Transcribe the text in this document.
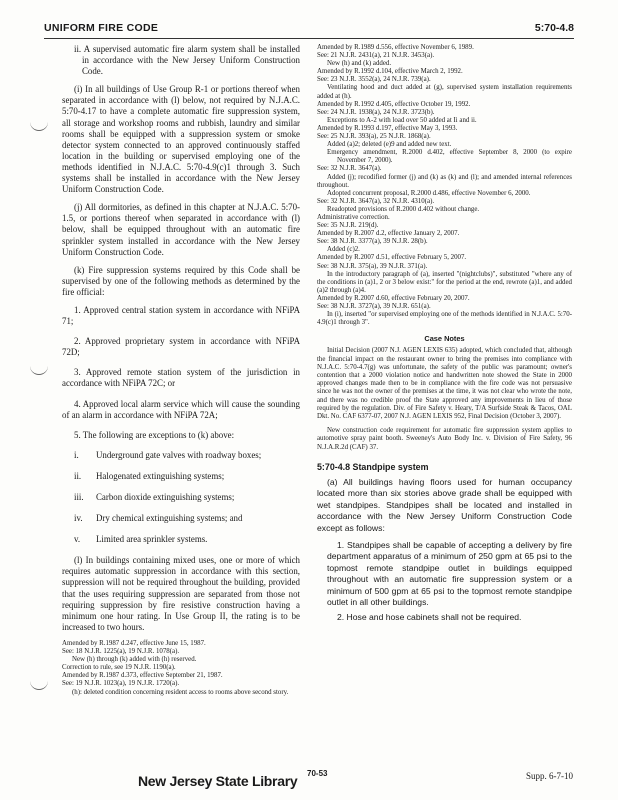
UNIFORM FIRE CODE	5:70-4.8

ii. A supervised automatic fire alarm system shall be installed in accordance with the New Jersey Uniform Construction Code.

(i) In all buildings of Use Group R-1 or portions thereof when separated in accordance with (l) below, not required by N.J.A.C. 5:70-4.17 to have a complete automatic fire suppression system, all storage and workshop rooms and rubbish, laundry and similar rooms shall be equipped with a suppression system or smoke detector system connected to an approved continuously staffed location in the building or supervised employing one of the methods identified in N.J.A.C. 5:70-4.9(c)1 through 3. Such systems shall be installed in accordance with the New Jersey Uniform Construction Code.

(j) All dormitories, as defined in this chapter at N.J.A.C. 5:70-1.5, or portions thereof when separated in accordance with (l) below, shall be equipped throughout with an automatic fire sprinkler system installed in accordance with the New Jersey Uniform Construction Code.

(k) Fire suppression systems required by this Code shall be supervised by one of the following methods as determined by the fire official:

1. Approved central station system in accordance with NFiPA 71;

2. Approved proprietary system in accordance with NFiPA 72D;

3. Approved remote station system of the jurisdiction in accordance with NFiPA 72C; or

4. Approved local alarm service which will cause the sounding of an alarm in accordance with NFiPA 72A;

5. The following are exceptions to (k) above:

i.	Underground gate valves with roadway boxes;
ii.	Halogenated extinguishing systems;
iii.	Carbon dioxide extinguishing systems;
iv.	Dry chemical extinguishing systems; and
v.	Limited area sprinkler systems.

(l) In buildings containing mixed uses, one or more of which requires automatic suppression in accordance with this section, suppression will not be required throughout the building, provided that the uses requiring suppression are separated from those not requiring suppression by fire resistive construction having a minimum one hour rating. In Use Group II, the rating is to be increased to two hours.

Amended by R.1987 d.247, effective June 15, 1987.

See: 18 N.J.R. 1225(a), 19 N.J.R. 1078(a).

New (h) through (k) added with (h) reserved.

Correction to rule, see 19 N.J.R. 1190(a).

Amended by R.1987 d.373, effective September 21, 1987.

See: 19 N.J.R. 1023(a), 19 N.J.R. 1720(a).

(h): deleted condition concerning resident access to rooms above second story.

Amended by R.1989 d.556, effective November 6, 1989.

See: 21 N.J.R. 2431(a), 21 N.J.R. 3453(a).

New (h) and (k) added.

Amended by R.1992 d.104, effective March 2, 1992.

See: 23 N.J.R. 3552(a), 24 N.J.R. 739(a).

Ventilating hood and duct added at (g), supervised system installation requirements added at (h).

Amended by R.1992 d.405, effective October 19, 1992.

See: 24 N.J.R. 1938(a), 24 N.J.R. 3723(b).

Exceptions to A-2 with load over 50 added at Ii and ii.

Amended by R.1993 d.197, effective May 3, 1993.

See: 25 N.J.R. 393(a), 25 N.J.R. 1868(a).

Added (a)2; deleted (e)9 and added new text.

Emergency amendment, R.2000 d.402, effective September 8, 2000 (to expire November 7, 2000).

See: 32 N.J.R. 3647(a).

Added (j); recodified former (j) and (k) as (k) and (l); and amended internal references throughout.

Adopted concurrent proposal, R.2000 d.486, effective November 6, 2000.

See: 32 N.J.R. 3647(a), 32 N.J.R. 4310(a).

Readopted provisions of R.2000 d.402 without change.

Administrative correction.

See: 35 N.J.R. 219(d).

Amended by R.2007 d.2, effective January 2, 2007.

See: 38 N.J.R. 3377(a), 39 N.J.R. 28(b).

Added (c)2.

Amended by R.2007 d.51, effective February 5, 2007.

See: 38 N.J.R. 375(a), 39 N.J.R. 371(a).

In the introductory paragraph of (a), inserted "(nightclubs)", substituted "where any of the conditions in (a)1, 2 or 3 below exist:" for the period at the end, rewrote (a)1, and added (a)2 through (a)4.

Amended by R.2007 d.60, effective February 20, 2007.

See: 38 N.J.R. 3727(a), 39 N.J.R. 651(a).

In (i), inserted "or supervised employing one of the methods identified in N.J.A.C. 5:70-4.9(c)1 through 3".

Case Notes

Initial Decision (2007 N.J. AGEN LEXIS 635) adopted, which concluded that, although the financial impact on the restaurant owner to bring the premises into compliance with N.J.A.C. 5:70-4.7(g) was unfortunate, the safety of the public was paramount; owner's contention that a 2000 violation notice and handwritten note showed the State in 2000 approved changes made then to be in compliance with the fire code was not persuasive since he was not the owner of the premises at the time, it was not clear who wrote the note, and there was no credible proof the State approved any improvements in lieu of those required by the regulation. Div. of Fire Safety v. Heary, T/A Surfside Steak & Tacos, OAL Dkt. No. CAF 6377-07, 2007 N.J. AGEN LEXIS 952, Final Decision (October 3, 2007).

New construction code requirement for automatic fire suppression system applies to automotive spray paint booth. Sweeney's Auto Body Inc. v. Division of Fire Safety, 96 N.J.A.R.2d (CAF) 37.

5:70-4.8 Standpipe system

(a) All buildings having floors used for human occupancy located more than six stories above grade shall be equipped with wet standpipes. Standpipes shall be located and installed in accordance with the New Jersey Uniform Construction Code except as follows:

1. Standpipes shall be capable of accepting a delivery by fire department apparatus of a minimum of 250 gpm at 65 psi to the topmost remote standpipe outlet in buildings equipped throughout with an automatic fire suppression system or a minimum of 500 gpm at 65 psi to the topmost remote standpipe outlet in all other buildings.

2. Hose and hose cabinets shall not be required.

New Jersey State Library 70-53	Supp. 6-7-10
